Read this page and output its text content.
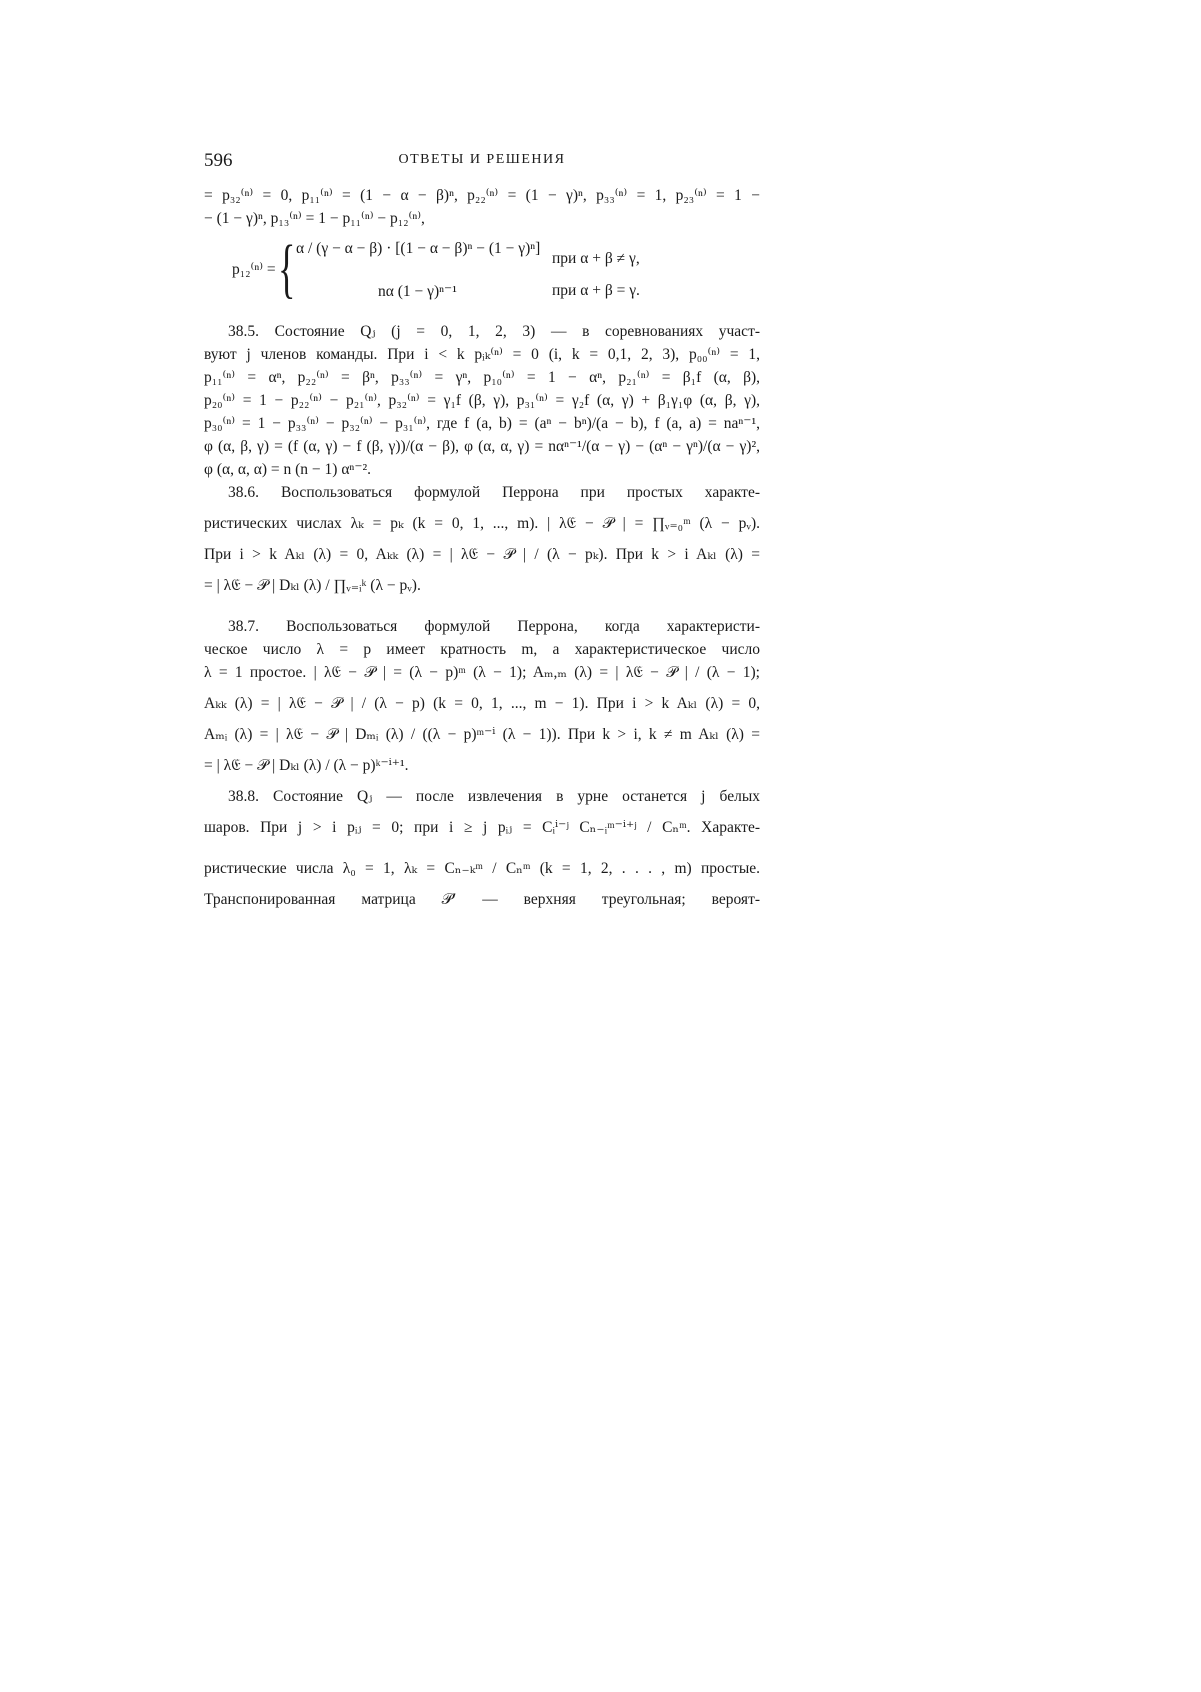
596	ОТВЕТЫ И РЕШЕНИЯ
= p₃₂⁽ⁿ⁾ = 0, p₁₁⁽ⁿ⁾ = (1 − α − β)ⁿ, p₂₂⁽ⁿ⁾ = (1 − γ)ⁿ, p₃₃⁽ⁿ⁾ = 1, p₂₃⁽ⁿ⁾ = 1 −
− (1 − γ)ⁿ, p₁₃⁽ⁿ⁾ = 1 − p₁₁⁽ⁿ⁾ − p₁₂⁽ⁿ⁾,
p₁₂⁽ⁿ⁾ = { α / (γ − α − β) · [(1 − α − β)ⁿ − (1 − γ)ⁿ]
nα (1 − γ)ⁿ⁻¹
при α + β ≠ γ,
при α + β = γ.
38.5. Состояние Qⱼ (j = 0, 1, 2, 3) — в соревнованиях участ-
вуют j членов команды. При i < k pᵢₖ⁽ⁿ⁾ = 0 (i, k = 0,1, 2, 3), p₀₀⁽ⁿ⁾ = 1,
p₁₁⁽ⁿ⁾ = αⁿ, p₂₂⁽ⁿ⁾ = βⁿ, p₃₃⁽ⁿ⁾ = γⁿ, p₁₀⁽ⁿ⁾ = 1 − αⁿ, p₂₁⁽ⁿ⁾ = β₁f (α, β),
p₂₀⁽ⁿ⁾ = 1 − p₂₂⁽ⁿ⁾ − p₂₁⁽ⁿ⁾, p₃₂⁽ⁿ⁾ = γ₁f (β, γ), p₃₁⁽ⁿ⁾ = γ₂f (α, γ) + β₁γ₁φ (α, β, γ),
p₃₀⁽ⁿ⁾ = 1 − p₃₃⁽ⁿ⁾ − p₃₂⁽ⁿ⁾ − p₃₁⁽ⁿ⁾, где f (a, b) = (aⁿ − bⁿ)/(a − b), f (a, a) = naⁿ⁻¹,
φ (α, β, γ) = (f (α, γ) − f (β, γ))/(α − β), φ (α, α, γ) = nαⁿ⁻¹/(α − γ) − (αⁿ − γⁿ)/(α − γ)²,
φ (α, α, α) = n (n − 1) αⁿ⁻².
38.6. Воспользоваться формулой Перрона при простых характе-
ристических числах λₖ = pₖ (k = 0, 1, ..., m). | λ𝔈 − 𝒫 | = ∏ᵥ₌₀ᵐ (λ − pᵥ).
При i > k Aₖₗ (λ) = 0, Aₖₖ (λ) = | λ𝔈 − 𝒫 | / (λ − pₖ). При k > i Aₖₗ (λ) =
= | λ𝔈 − 𝒫 | Dₖₗ (λ) / ∏ᵥ₌ᵢᵏ (λ − pᵥ).
38.7. Воспользоваться формулой Перрона, когда характеристи-
ческое число λ = p имеет кратность m, а характеристическое число
λ = 1 простое. | λ𝔈 − 𝒫 | = (λ − p)ᵐ (λ − 1); Aₘ,ₘ (λ) = | λ𝔈 − 𝒫 | / (λ − 1);
Aₖₖ (λ) = | λ𝔈 − 𝒫 | / (λ − p) (k = 0, 1, ..., m − 1). При i > k Aₖₗ (λ) = 0,
Aₘᵢ (λ) = | λ𝔈 − 𝒫 | Dₘᵢ (λ) / ((λ − p)ᵐ⁻ⁱ (λ − 1)). При k > i, k ≠ m Aₖₗ (λ) =
= | λ𝔈 − 𝒫 | Dₖₗ (λ) / (λ − p)ᵏ⁻ⁱ⁺¹.
38.8. Состояние Qⱼ — после извлечения в урне останется j белых
шаров. При j > i pᵢⱼ = 0; при i ≥ j pᵢⱼ = Cᵢⁱ⁻ʲ Cₙ₋ᵢᵐ⁻ⁱ⁺ʲ / Cₙᵐ. Характе-
ристические числа λ₀ = 1, λₖ = Cₙ₋ₖᵐ / Cₙᵐ (k = 1, 2, . . . , m) простые.
Транспонированная матрица 𝒫′ — верхняя треугольная; вероят-
